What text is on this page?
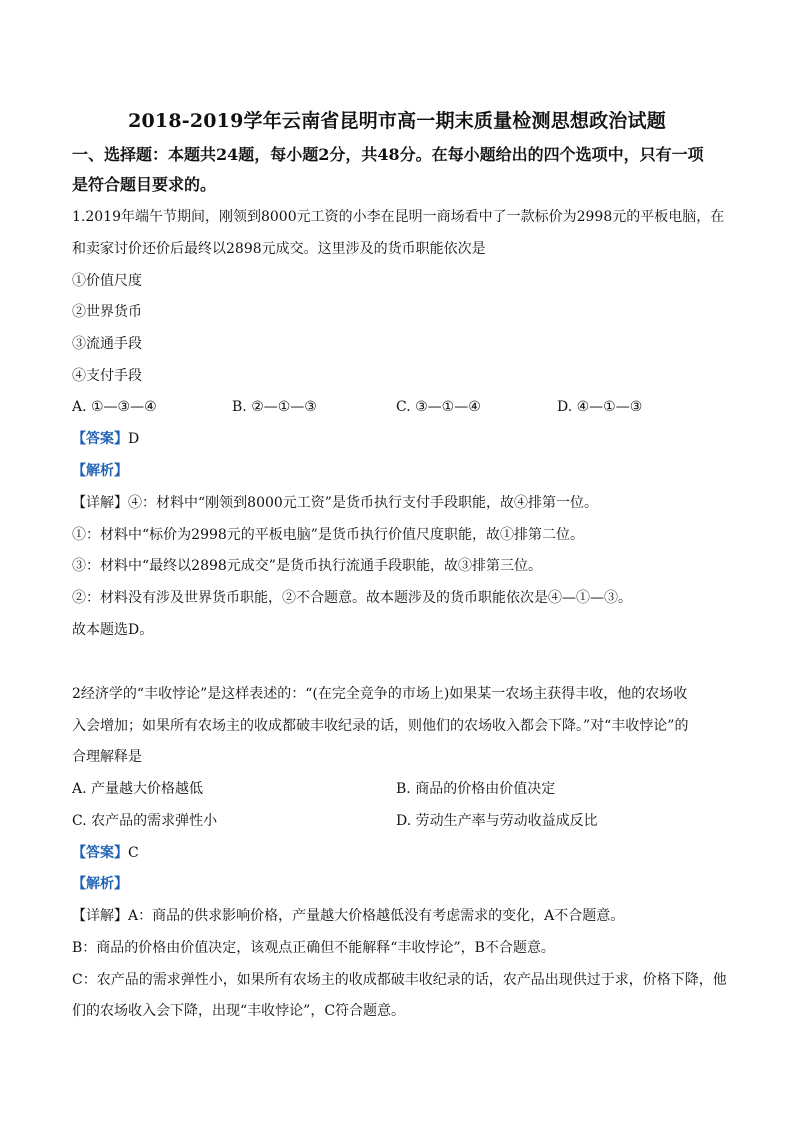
2018-2019学年云南省昆明市高一期末质量检测思想政治试题
一、选择题：本题共24题，每小题2分，共48分。在每小题给出的四个选项中，只有一项
是符合题目要求的。
1.2019年端午节期间，刚领到8000元工资的小李在昆明一商场看中了一款标价为2998元的平板电脑，在
和卖家讨价还价后最终以2898元成交。这里涉及的货币职能依次是
①价值尺度
②世界货币
③流通手段
④支付手段
A. ①—③—④	B. ②—①—③	C. ③—①—④	D. ④—①—③
【答案】D
【解析】
【详解】④：材料中“刚领到8000元工资”是货币执行支付手段职能，故④排第一位。
①：材料中“标价为2998元的平板电脑”是货币执行价值尺度职能，故①排第二位。
③：材料中“最终以2898元成交”是货币执行流通手段职能，故③排第三位。
②：材料没有涉及世界货币职能，②不合题意。故本题涉及的货币职能依次是④—①—③。
故本题选D。
2经济学的“丰收悖论”是这样表述的：“(在完全竞争的市场上)如果某一农场主获得丰收，他的农场收
入会增加；如果所有农场主的收成都破丰收纪录的话，则他们的农场收入都会下降。”对“丰收悖论”的
合理解释是
A. 产量越大价格越低	B. 商品的价格由价值决定
C. 农产品的需求弹性小	D. 劳动生产率与劳动收益成反比
【答案】C
【解析】
【详解】A：商品的供求影响价格，产量越大价格越低没有考虑需求的变化，A不合题意。
B：商品的价格由价值决定，该观点正确但不能解释“丰收悖论”，B不合题意。
C：农产品的需求弹性小，如果所有农场主的收成都破丰收纪录的话，农产品出现供过于求，价格下降，他
们的农场收入会下降，出现“丰收悖论”，C符合题意。
